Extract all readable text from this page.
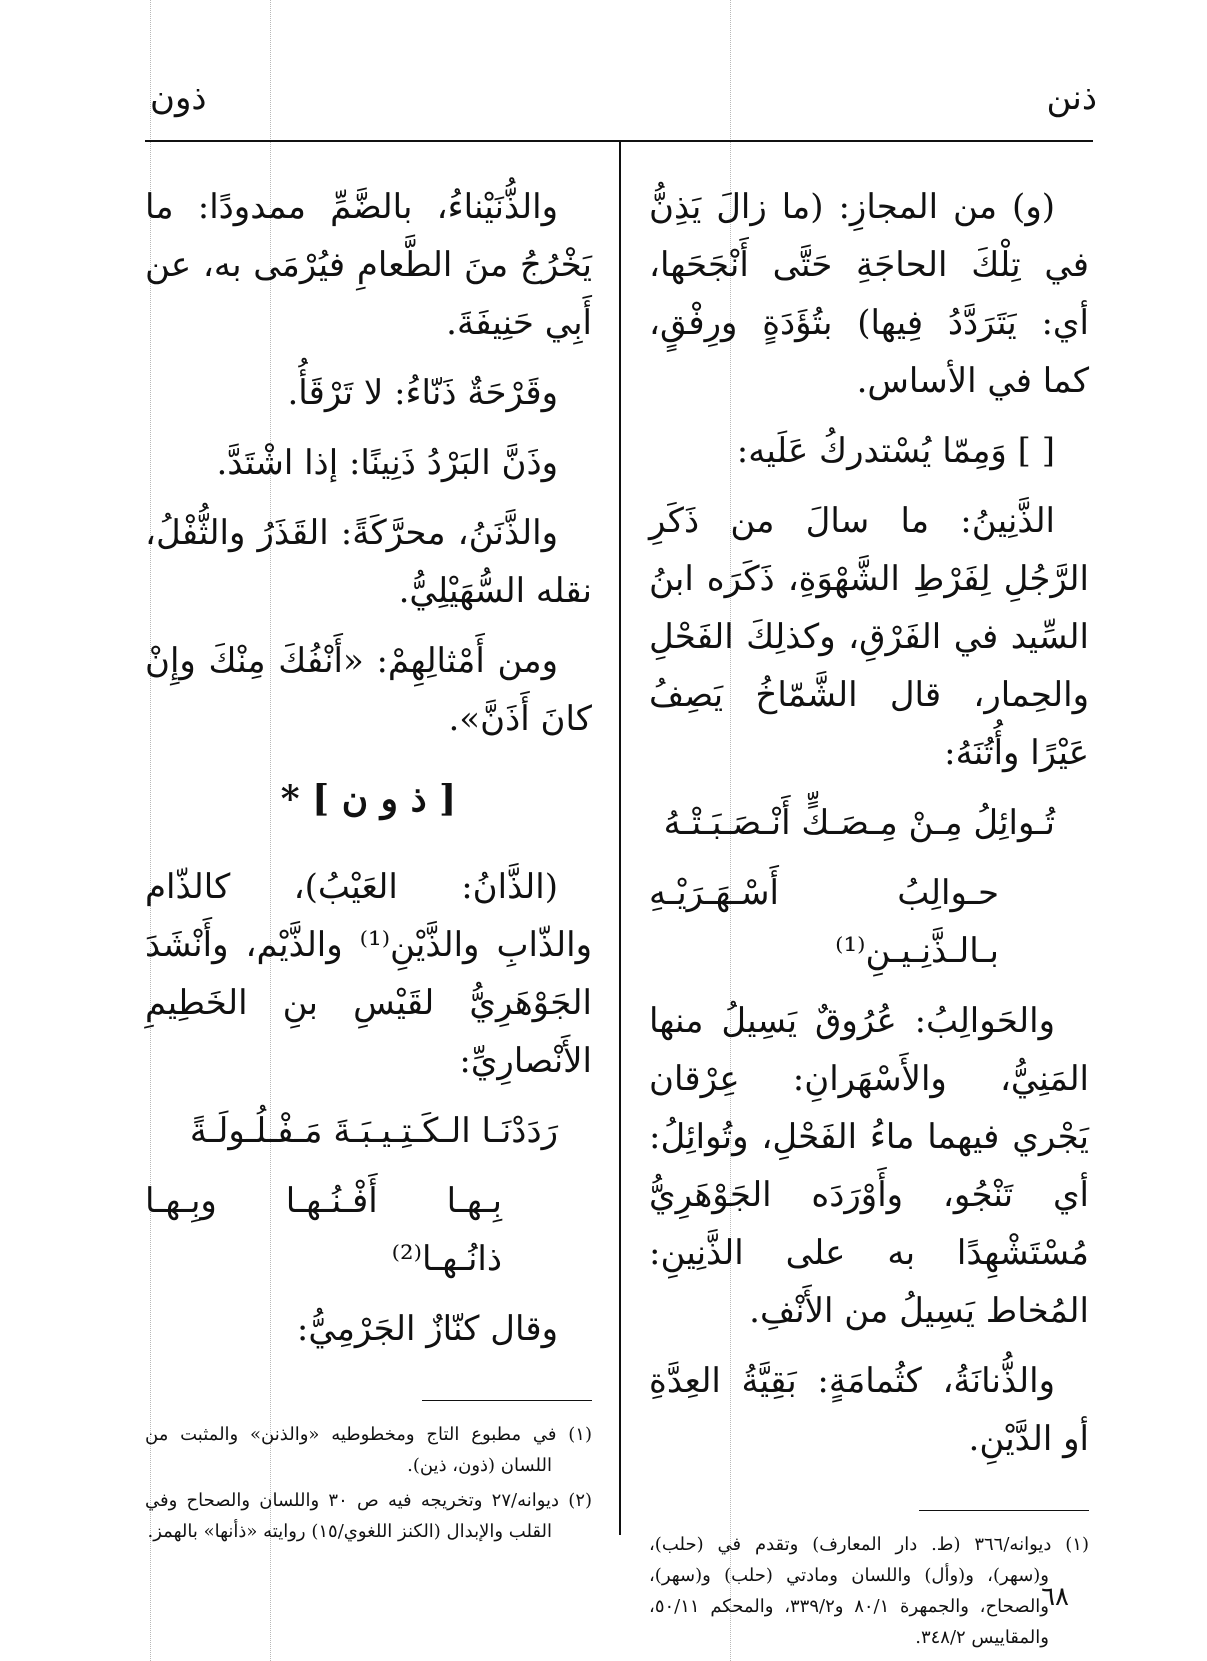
ذنن
ذون

(و) من المجازِ: (ما زالَ يَذِنُّ في تِلْكَ الحاجَةِ حَتَّى أَنْجَحَها، أي: يَتَرَدَّدُ فِيها) بتُؤَدَةٍ ورِفْقٍ، كما في الأساس.

[ ] وَمِمّا يُسْتدركُ عَلَيه:

الذَّنِينُ: ما سالَ من ذَكَرِ الرَّجُلِ لِفَرْطِ الشَّهْوَةِ، ذَكَرَه ابنُ السِّيد في الفَرْقِ، وكذلِكَ الفَحْلِ والحِمار، قال الشَّمّاخُ يَصِفُ عَيْرًا وأُتُنَهُ:

تُـوائِلُ مِـنْ مِـصَـكٍّ أَنْـصَـبَـتْـهُ
حـوالِبُ أَسْـهَـرَيْـهِ بـالـذَّنِـيـنِ⁽¹⁾

والحَوالِبُ: عُرُوقٌ يَسِيلُ منها المَنِيُّ، والأَسْهَرانِ: عِرْقان يَجْري فيهما ماءُ الفَحْلِ، وتُوائِلُ: أي تَنْجُو، وأَوْرَدَه الجَوْهَرِيُّ مُسْتَشْهِدًا به على الذَّنِينِ: المُخاط يَسِيلُ من الأَنْفِ.

والذُّنانَةُ، كثُمامَةٍ: بَقِيَّةُ العِدَّةِ أو الدَّيْنِ.

(١) ديوانه/٣٦٦ (ط. دار المعارف) وتقدم في (حلب)، و(سهر)، و(وأل) واللسان ومادتي (حلب) و(سهر)، والصحاح، والجمهرة ٨٠/١ و٣٣٩/٢، والمحكم ٥٠/١١، والمقاييس ٣٤٨/٢.

والذُّنَيْناءُ، بالضَّمِّ ممدودًا: ما يَخْرُجُ منَ الطَّعامِ فيُرْمَى به، عن أَبِي حَنِيفَةَ.

وقَرْحَةٌ ذَنّاءُ: لا تَرْقَأُ.

وذَنَّ البَرْدُ ذَنِينًا: إذا اشْتَدَّ.

والذَّنَنُ، محرَّكَةً: القَذَرُ والثُّفْلُ، نقله السُّهَيْلِيُّ.

ومن أَمْثالِهِمْ: «أَنْفُكَ مِنْكَ وإِنْ كانَ أَذَنَّ».

[ ذ و ن ] *

(الذَّانُ: العَيْبُ)، كالذّام والذّابِ والذَّيْنِ⁽¹⁾ والذَّيْم، وأَنْشَدَ الجَوْهَرِيُّ لقَيْسِ بنِ الخَطِيمِ الأَنْصارِيِّ:

رَدَدْنَـا الـكَـتِـيـبَـةَ مَـفْـلُـولَـةً
بِـهـا أَفْـنُـهـا وبِـهـا ذانُـهـا⁽²⁾

وقال كنّازٌ الجَرْمِيُّ:

(١) في مطبوع التاج ومخطوطيه «والذنن» والمثبت من اللسان (ذون، ذين).

(٢) ديوانه/٢٧ وتخريجه فيه ص ٣٠ واللسان والصحاح وفي القلب والإبدال (الكنز اللغوي/١٥) روايته «ذأنها» بالهمز.

٦٨
